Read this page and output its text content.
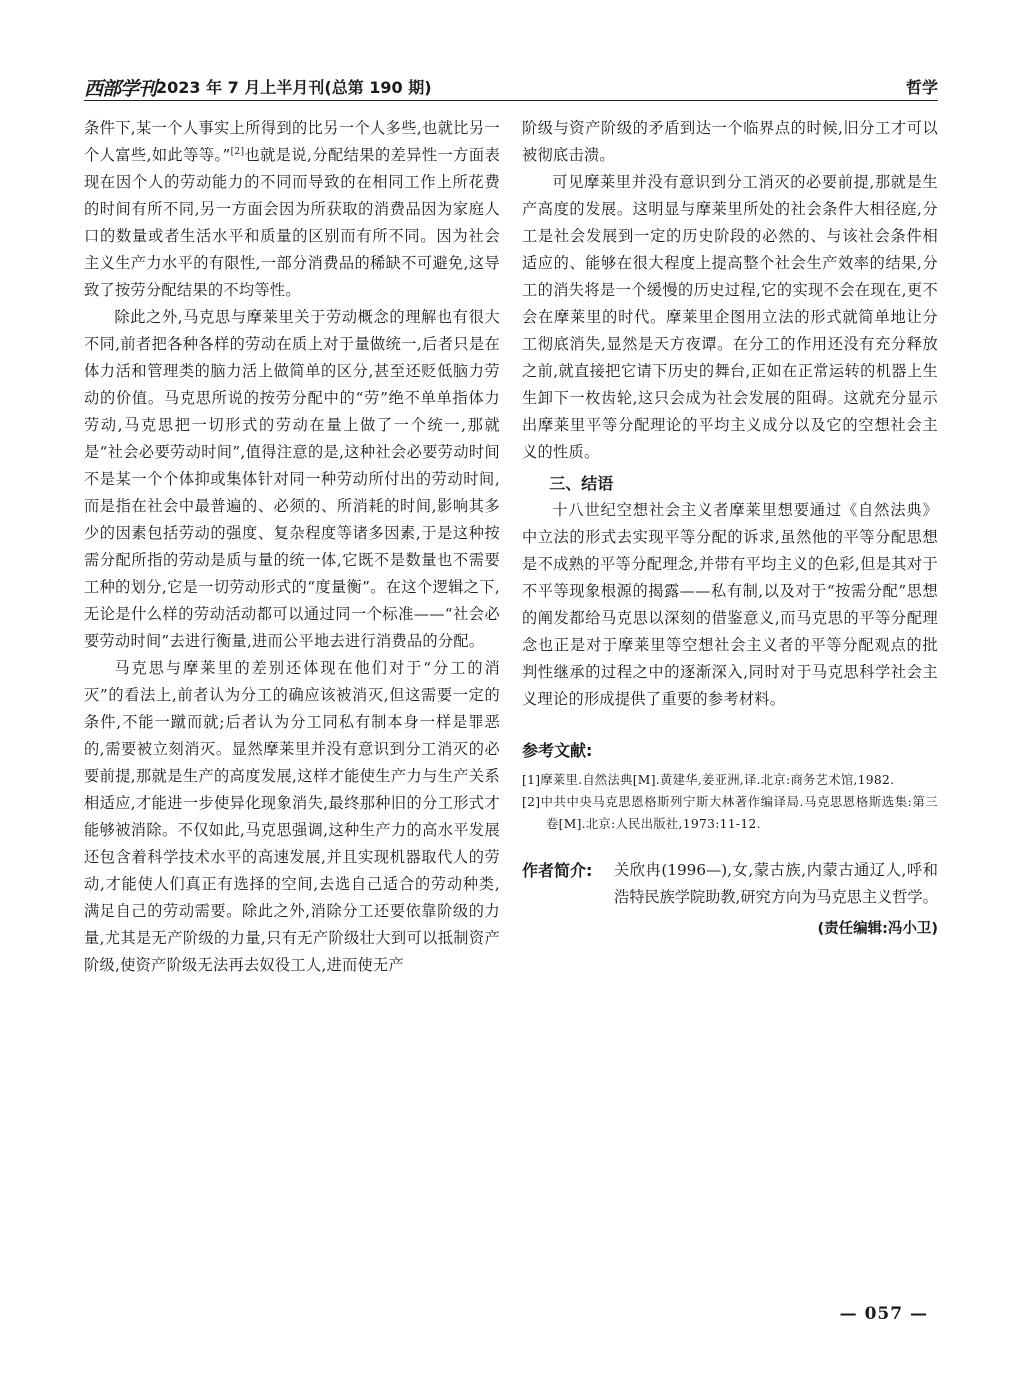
西部学刊 2023 年 7 月上半月刊(总第 190 期)	哲学

条件下,某一个人事实上所得到的比另一个人多些,也就比另一个人富些,如此等等。”[2]也就是说,分配结果的差异性一方面表现在因个人的劳动能力的不同而导致的在相同工作上所花费的时间有所不同,另一方面会因为所获取的消费品因为家庭人口的数量或者生活水平和质量的区别而有所不同。因为社会主义生产力水平的有限性,一部分消费品的稀缺不可避免,这导致了按劳分配结果的不均等性。

除此之外,马克思与摩莱里关于劳动概念的理解也有很大不同,前者把各种各样的劳动在质上对于量做统一,后者只是在体力活和管理类的脑力活上做简单的区分,甚至还贬低脑力劳动的价值。马克思所说的按劳分配中的“劳”绝不单单指体力劳动,马克思把一切形式的劳动在量上做了一个统一,那就是“社会必要劳动时间”,值得注意的是,这种社会必要劳动时间不是某一个个体抑或集体针对同一种劳动所付出的劳动时间,而是指在社会中最普遍的、必须的、所消耗的时间,影响其多少的因素包括劳动的强度、复杂程度等诸多因素,于是这种按需分配所指的劳动是质与量的统一体,它既不是数量也不需要工种的划分,它是一切劳动形式的“度量衡”。在这个逻辑之下,无论是什么样的劳动活动都可以通过同一个标准——“社会必要劳动时间”去进行衡量,进而公平地去进行消费品的分配。

马克思与摩莱里的差别还体现在他们对于“分工的消灭”的看法上,前者认为分工的确应该被消灭,但这需要一定的条件,不能一蹴而就;后者认为分工同私有制本身一样是罪恶的,需要被立刻消灭。显然摩莱里并没有意识到分工消灭的必要前提,那就是生产的高度发展,这样才能使生产力与生产关系相适应,才能进一步使异化现象消失,最终那种旧的分工形式才能够被消除。不仅如此,马克思强调,这种生产力的高水平发展还包含着科学技术水平的高速发展,并且实现机器取代人的劳动,才能使人们真正有选择的空间,去选自己适合的劳动种类,满足自己的劳动需要。除此之外,消除分工还要依靠阶级的力量,尤其是无产阶级的力量,只有无产阶级壮大到可以抵制资产阶级,使资产阶级无法再去奴役工人,进而使无产

阶级与资产阶级的矛盾到达一个临界点的时候,旧分工才可以被彻底击溃。

可见摩莱里并没有意识到分工消灭的必要前提,那就是生产高度的发展。这明显与摩莱里所处的社会条件大相径庭,分工是社会发展到一定的历史阶段的必然的、与该社会条件相适应的、能够在很大程度上提高整个社会生产效率的结果,分工的消失将是一个缓慢的历史过程,它的实现不会在现在,更不会在摩莱里的时代。摩莱里企图用立法的形式就简单地让分工彻底消失,显然是天方夜谭。在分工的作用还没有充分释放之前,就直接把它请下历史的舞台,正如在正常运转的机器上生生卸下一枚齿轮,这只会成为社会发展的阻碍。这就充分显示出摩莱里平等分配理论的平均主义成分以及它的空想社会主义的性质。

三、结语

十八世纪空想社会主义者摩莱里想要通过《自然法典》中立法的形式去实现平等分配的诉求,虽然他的平等分配思想是不成熟的平等分配理念,并带有平均主义的色彩,但是其对于不平等现象根源的揭露——私有制,以及对于“按需分配”思想的阐发都给马克思以深刻的借鉴意义,而马克思的平等分配理念也正是对于摩莱里等空想社会主义者的平等分配观点的批判性继承的过程之中的逐渐深入,同时对于马克思科学社会主义理论的形成提供了重要的参考材料。

参考文献:

[1]摩莱里.自然法典[M].黄建华,姜亚洲,译.北京:商务艺术馆,1982.

[2]中共中央马克思恩格斯列宁斯大林著作编译局.马克思恩格斯选集:第三卷[M].北京:人民出版社,1973:11-12.

作者简介: 关欣冉(1996—),女,蒙古族,内蒙古通辽人,呼和浩特民族学院助教,研究方向为马克思主义哲学。
(责任编辑:冯小卫)
— 057 —
